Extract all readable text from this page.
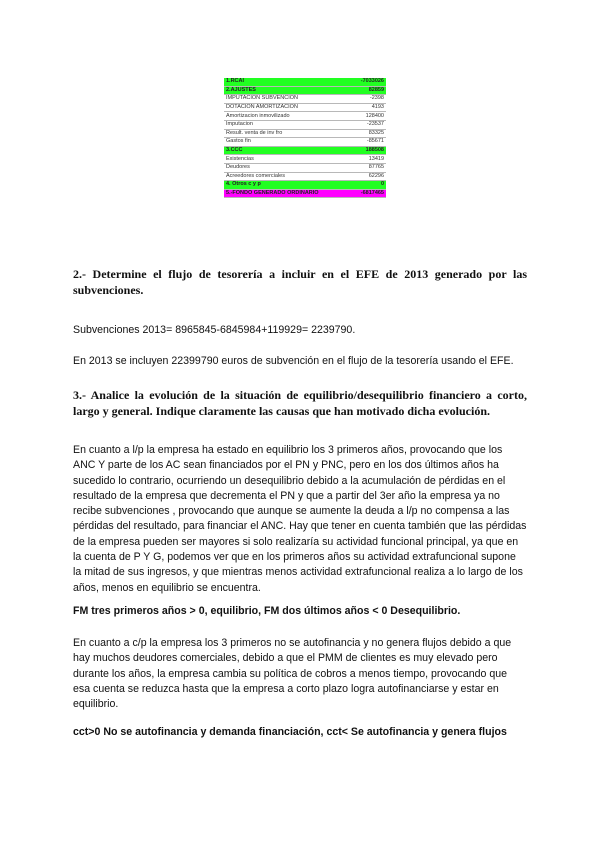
1.RCAI	-7033026
2.AJUSTES	82859
IMPUTACION SUBVENCION	-2398
DOTACION AMORTIZACION	4193
Amortizacion inmovilizado	128400
Imputacion	-23537
Result. venta de inv fro	83325
Gastos fin	-85671
3.CCC	188508
Existencias	13419
Deudores	87765
Acreedores comerciales	62296
4. Otros c y p	0
5.-FONDO GENERADO ORDINARIO	-6817465
2.- Determine el flujo de tesorería a incluir en el EFE de 2013 generado por las subvenciones.
Subvenciones 2013= 8965845-6845984+119929= 2239790.
En 2013 se incluyen 22399790 euros de subvención en el flujo de la tesorería usando el EFE.
3.- Analice la evolución de la situación de equilibrio/desequilibrio financiero a corto, largo y general. Indique claramente las causas que han motivado dicha evolución.
En cuanto a l/p la empresa ha estado en equilibrio los 3 primeros años, provocando que los ANC Y parte de los AC sean financiados por el PN y PNC, pero en los dos últimos años ha sucedido lo contrario, ocurriendo un desequilibrio debido a la acumulación de pérdidas en el resultado de la empresa que decrementa el PN y que a partir del 3er año la empresa ya no recibe subvenciones , provocando que aunque se aumente la deuda a l/p no compensa a las pérdidas del resultado, para financiar el ANC. Hay que tener en cuenta también que las pérdidas de la empresa pueden ser mayores si solo realizaría su actividad funcional principal, ya que en la cuenta de P Y G, podemos ver que en los primeros años su actividad extrafuncional supone la mitad de sus ingresos, y que mientras menos actividad extrafuncional realiza a lo largo de los años, menos en equilibrio se encuentra.
FM tres primeros años > 0, equilibrio, FM dos últimos años < 0 Desequilibrio.
En cuanto a c/p la empresa los 3 primeros no se autofinancia y no genera flujos debido a que hay muchos deudores comerciales, debido a que el PMM de clientes es muy elevado pero durante los años, la empresa cambia su política de cobros a menos tiempo, provocando que esa cuenta se reduzca hasta que la empresa a corto plazo logra autofinanciarse y estar en equilibrio.
cct>0 No se autofinancia y demanda financiación, cct< Se autofinancia y genera flujos
